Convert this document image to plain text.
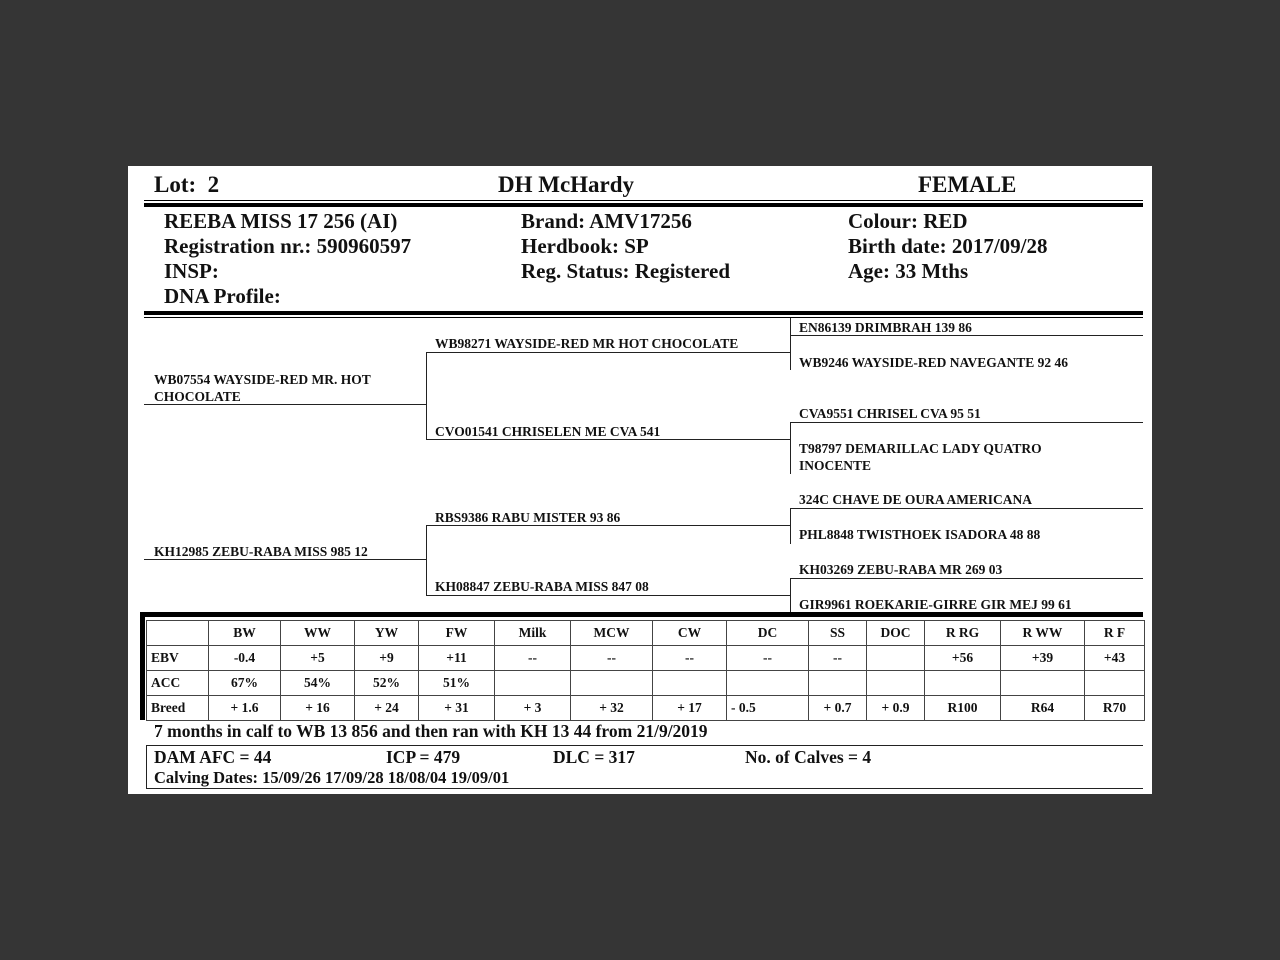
Lot: 2	DH McHardy	FEMALE
REEBA MISS 17 256 (AI)
Registration nr.: 590960597
INSP:
DNA Profile:
Brand: AMV17256
Herdbook: SP
Reg. Status: Registered
Colour: RED
Birth date: 2017/09/28
Age: 33 Mths
WB07554 WAYSIDE-RED MR. HOT CHOCOLATE
KH12985 ZEBU-RABA MISS 985 12
WB98271 WAYSIDE-RED MR HOT CHOCOLATE
CVO01541 CHRISELEN ME CVA 541
RBS9386 RABU MISTER 93 86
KH08847 ZEBU-RABA MISS 847 08
EN86139 DRIMBRAH 139 86
WB9246 WAYSIDE-RED NAVEGANTE 92 46
CVA9551 CHRISEL CVA 95 51
T98797 DEMARILLAC LADY QUATRO INOCENTE
324C CHAVE DE OURA AMERICANA
PHL8848 TWISTHOEK ISADORA 48 88
KH03269 ZEBU-RABA MR 269 03
GIR9961 ROEKARIE-GIRRE GIR MEJ 99 61
	BW	WW	YW	FW	Milk	MCW	CW	DC	SS	DOC	R RG	R WW	R F
EBV	-0.4	+5	+9	+11	--	--	--	--	--		+56	+39	+43
ACC	67%	54%	52%	51%									
Breed	+ 1.6	+ 16	+ 24	+ 31	+ 3	+ 32	+ 17	- 0.5	+ 0.7	+ 0.9	R100	R64	R70
7 months in calf to WB 13 856 and then ran with KH 13 44 from 21/9/2019
DAM AFC = 44	ICP = 479	DLC = 317	No. of Calves = 4
Calving Dates: 15/09/26 17/09/28 18/08/04 19/09/01
